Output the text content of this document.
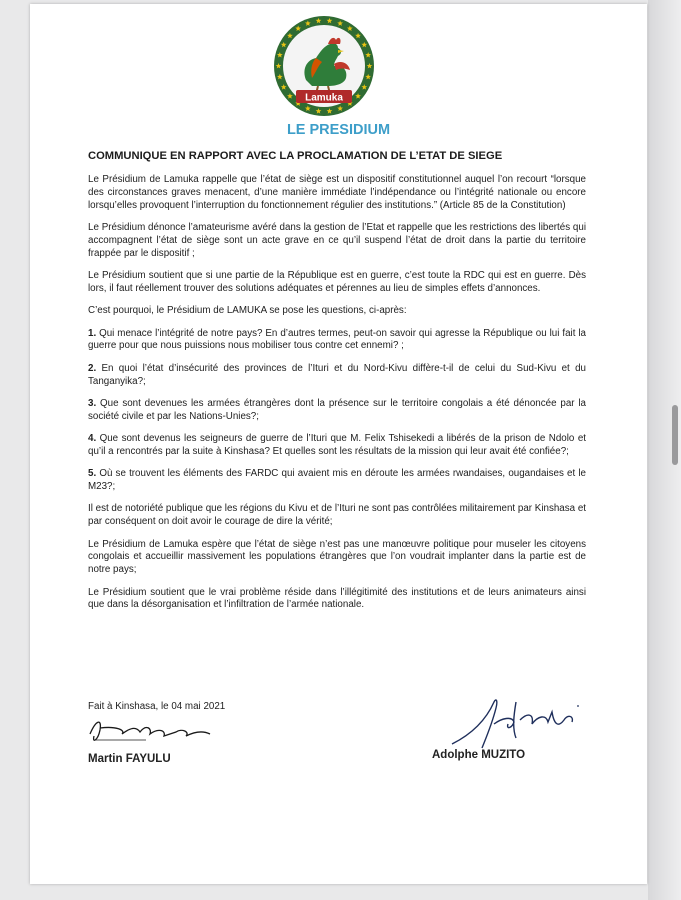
Lamuka
LE PRESIDIUM
COMMUNIQUE EN RAPPORT AVEC LA PROCLAMATION DE L’ETAT DE SIEGE

Le Présidium de Lamuka rappelle que l’état de siège est un dispositif constitutionnel auquel l’on recourt “lorsque des circonstances graves menacent, d’une manière immédiate l’indépendance ou l’intégrité nationale ou encore lorsqu’elles provoquent l’interruption du fonctionnement régulier des institutions.” (Article 85 de la Constitution)

Le Présidium dénonce l’amateurisme avéré dans la gestion de l’Etat et rappelle que les restrictions des libertés qui accompagnent l’état de siège sont un acte grave en ce qu’il suspend l’état de droit dans la partie du territoire frappée par le dispositif ;

Le Présidium soutient que si une partie de la République est en guerre, c’est toute la RDC qui est en guerre. Dès lors, il faut réellement trouver des solutions adéquates et pérennes au lieu de simples effets d’annonces.

C’est pourquoi, le Présidium de LAMUKA se pose les questions, ci-après:

1. Qui menace l’intégrité de notre pays? En d’autres termes, peut-on savoir qui agresse la République ou lui fait la guerre pour que nous puissions nous mobiliser tous contre cet ennemi? ;

2. En quoi l’état d’insécurité des provinces de l’Ituri et du Nord-Kivu diffère-t-il de celui du Sud-Kivu et du Tanganyika?;

3. Que sont devenues les armées étrangères dont la présence sur le territoire congolais a été dénoncée par la société civile et par les Nations-Unies?;

4. Que sont devenus les seigneurs de guerre de l’Ituri que M. Felix Tshisekedi a libérés de la prison de Ndolo et qu’il a rencontrés par la suite à Kinshasa? Et quelles sont les résultats de la mission qui leur avait été confiée?;

5. Où se trouvent les éléments des FARDC qui avaient mis en déroute les armées rwandaises, ougandaises et le M23?;

Il est de notoriété publique que les régions du Kivu et de l’Ituri ne sont pas contrôlées militairement par Kinshasa et par conséquent on doit avoir le courage de dire la vérité;

Le Présidium de Lamuka espère que l’état de siège n’est pas une manœuvre politique pour museler les citoyens congolais et accueillir massivement les populations étrangères que l’on voudrait implanter dans la partie est de notre pays;

Le Présidium soutient que le vrai problème réside dans l’illégitimité des institutions et de leurs animateurs ainsi que dans la désorganisation et l’infiltration de l’armée nationale.

Fait à Kinshasa, le 04 mai 2021
Martin FAYULU	Adolphe MUZITO
